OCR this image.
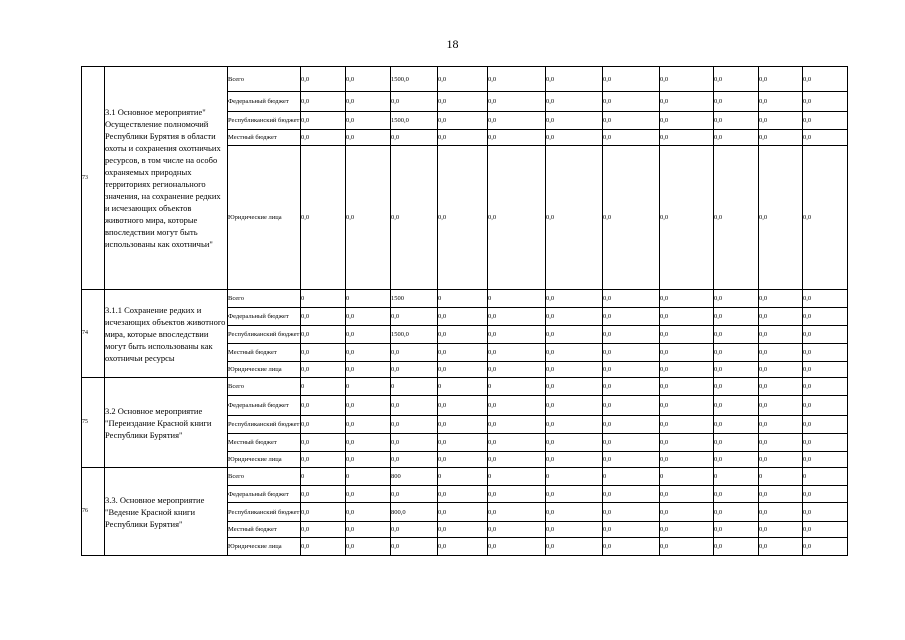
18
73	3.1 Основное мероприятие" Осуществление полномочий Республики Бурятия в области охоты и сохранения охотничьих ресурсов, в том числе на особо охраняемых природных территориях регионального значения, на сохранение редких и исчезающих объектов животного мира, которые впоследствии могут быть использованы как охотничьи"	Всего	0,0	0,0	1500,0	0,0	0,0	0,0	0,0	0,0	0,0	0,0	0,0
		Федеральный бюджет	0,0	0,0	0,0	0,0	0,0	0,0	0,0	0,0	0,0	0,0	0,0
		Республиканский бюджет	0,0	0,0	1500,0	0,0	0,0	0,0	0,0	0,0	0,0	0,0	0,0
		Местный бюджет	0,0	0,0	0,0	0,0	0,0	0,0	0,0	0,0	0,0	0,0	0,0
		Юридические лица	0,0	0,0	0,0	0,0	0,0	0,0	0,0	0,0	0,0	0,0	0,0
74	3.1.1 Сохранение редких и исчезающих объектов животного мира, которые впоследствии могут быть использованы как охотничьи ресурсы	Всего	0	0	1500	0	0	0,0	0,0	0,0	0,0	0,0	0,0
		Федеральный бюджет	0,0	0,0	0,0	0,0	0,0	0,0	0,0	0,0	0,0	0,0	0,0
		Республиканский бюджет	0,0	0,0	1500,0	0,0	0,0	0,0	0,0	0,0	0,0	0,0	0,0
		Местный бюджет	0,0	0,0	0,0	0,0	0,0	0,0	0,0	0,0	0,0	0,0	0,0
		Юридические лица	0,0	0,0	0,0	0,0	0,0	0,0	0,0	0,0	0,0	0,0	0,0
75	3.2 Основное мероприятие "Переиздание Красной книги Республики Бурятия"	Всего	0	0	0	0	0	0,0	0,0	0,0	0,0	0,0	0,0
		Федеральный бюджет	0,0	0,0	0,0	0,0	0,0	0,0	0,0	0,0	0,0	0,0	0,0
		Республиканский бюджет	0,0	0,0	0,0	0,0	0,0	0,0	0,0	0,0	0,0	0,0	0,0
		Местный бюджет	0,0	0,0	0,0	0,0	0,0	0,0	0,0	0,0	0,0	0,0	0,0
		Юридические лица	0,0	0,0	0,0	0,0	0,0	0,0	0,0	0,0	0,0	0,0	0,0
76	3.3. Основное мероприятие "Ведение Красной книги Республики Бурятия"	Всего	0	0	800	0	0	0	0	0	0	0	0
		Федеральный бюджет	0,0	0,0	0,0	0,0	0,0	0,0	0,0	0,0	0,0	0,0	0,0
		Республиканский бюджет	0,0	0,0	800,0	0,0	0,0	0,0	0,0	0,0	0,0	0,0	0,0
		Местный бюджет	0,0	0,0	0,0	0,0	0,0	0,0	0,0	0,0	0,0	0,0	0,0
		Юридические лица	0,0	0,0	0,0	0,0	0,0	0,0	0,0	0,0	0,0	0,0	0,0
